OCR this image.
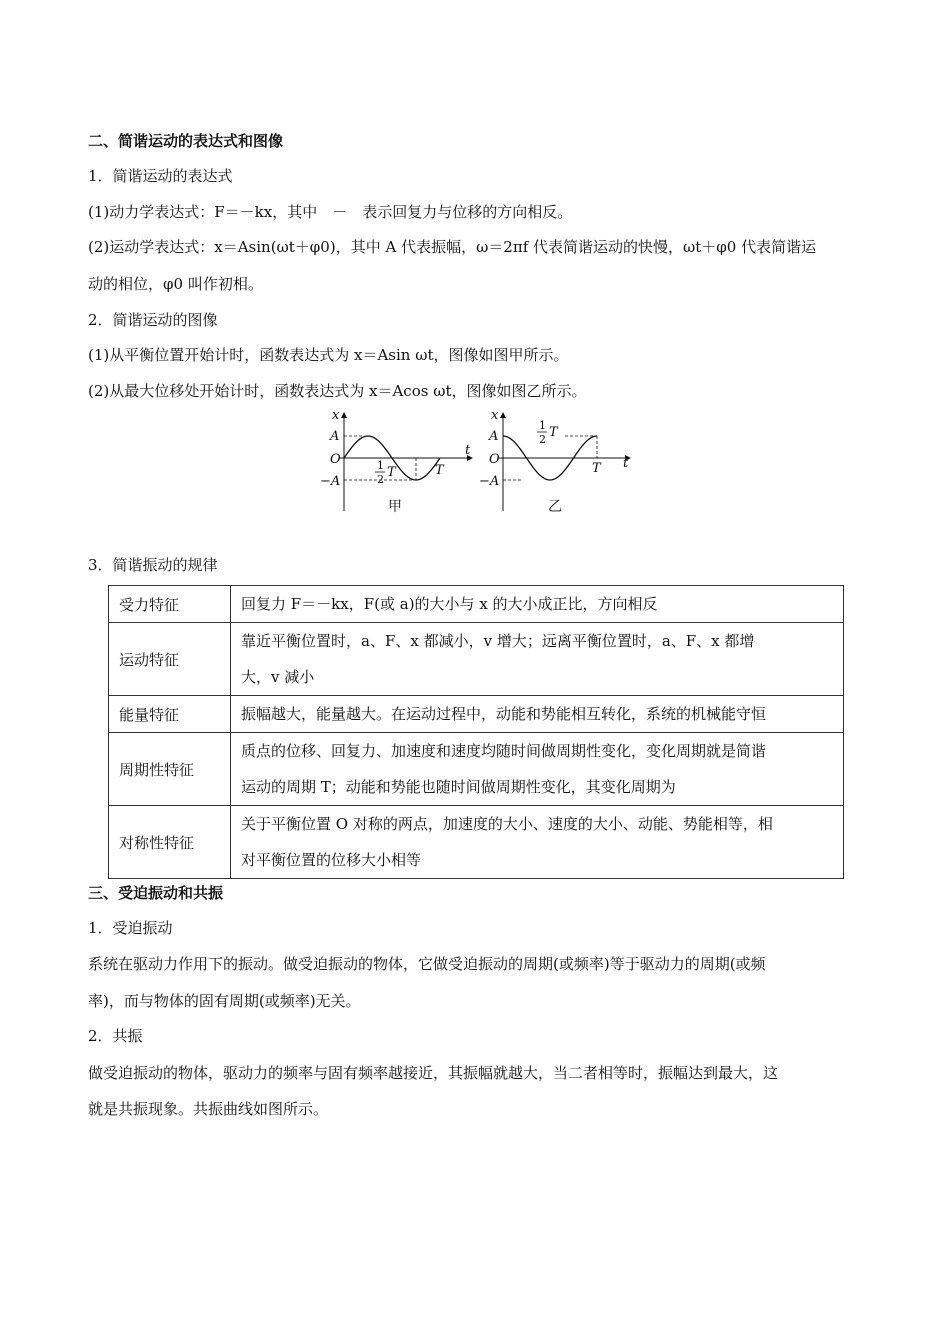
二、简谐运动的表达式和图像
1．简谐运动的表达式
(1)动力学表达式：F＝－kx，其中　－　表示回复力与位移的方向相反。
(2)运动学表达式：x＝Asin(ωt＋φ0)，其中 A 代表振幅，ω＝2πf 代表简谐运动的快慢，ωt＋φ0 代表简谐运
动的相位，φ0 叫作初相。
2．简谐运动的图像
(1)从平衡位置开始计时，函数表达式为 x＝Asin ωt，图像如图甲所示。
(2)从最大位移处开始计时，函数表达式为 x＝Acos ωt，图像如图乙所示。
x
A
O
−A
t
T
1
2 T
甲
x
A
O
−A
t
T
1
2 T
乙
3．简谐振动的规律
受力特征	回复力 F＝－kx，F(或 a)的大小与 x 的大小成正比，方向相反

运动特征	靠近平衡位置时，a、F、x 都减小，v 增大；远离平衡位置时，a、F、x 都增
大，v 减小

能量特征	振幅越大，能量越大。在运动过程中，动能和势能相互转化，系统的机械能守恒

周期性特征	质点的位移、回复力、加速度和速度均随时间做周期性变化，变化周期就是简谐
运动的周期 T；动能和势能也随时间做周期性变化，其变化周期为

对称性特征	关于平衡位置 O 对称的两点，加速度的大小、速度的大小、动能、势能相等，相
对平衡位置的位移大小相等
三、受迫振动和共振
1．受迫振动
系统在驱动力作用下的振动。做受迫振动的物体，它做受迫振动的周期(或频率)等于驱动力的周期(或频
率)，而与物体的固有周期(或频率)无关。
2．共振
做受迫振动的物体，驱动力的频率与固有频率越接近，其振幅就越大，当二者相等时，振幅达到最大，这
就是共振现象。共振曲线如图所示。
